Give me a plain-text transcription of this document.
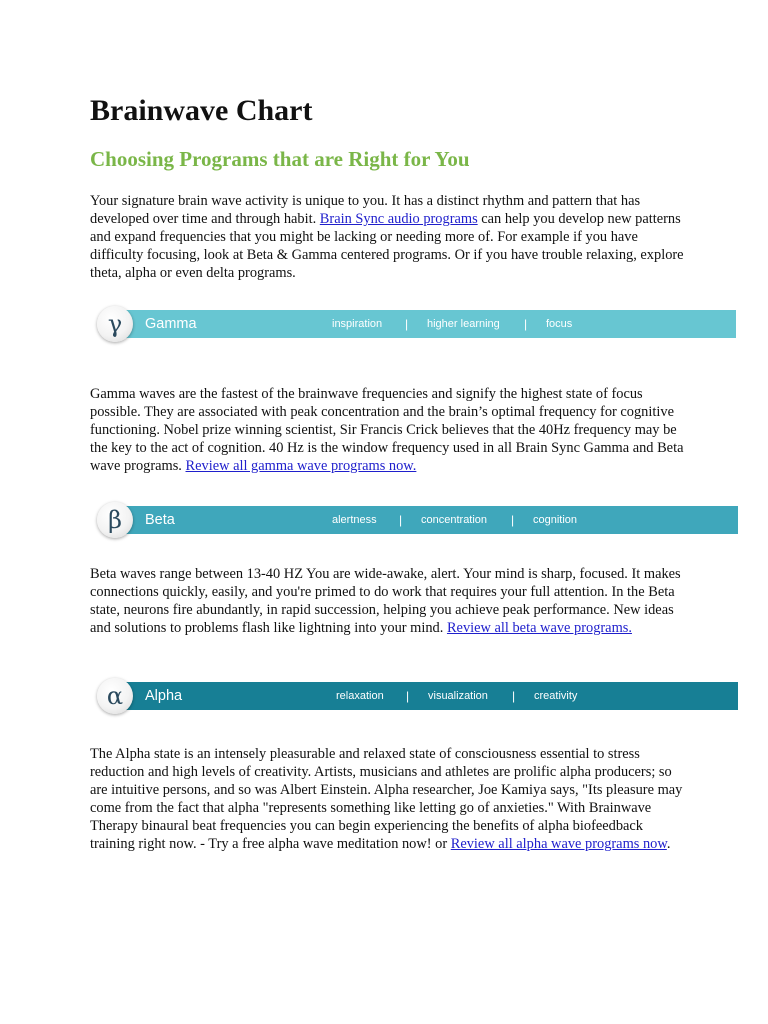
Brainwave Chart
Choosing Programs that are Right for You

Your signature brain wave activity is unique to you. It has a distinct rhythm and pattern that has developed over time and through habit. Brain Sync audio programs can help you develop new patterns and expand frequencies that you might be lacking or needing more of. For example if you have difficulty focusing, look at Beta & Gamma centered programs. Or if you have trouble relaxing, explore theta, alpha or even delta programs.

γ	Gamma	inspiration | higher learning | focus

Gamma waves are the fastest of the brainwave frequencies and signify the highest state of focus possible. They are associated with peak concentration and the brain’s optimal frequency for cognitive functioning. Nobel prize winning scientist, Sir Francis Crick believes that the 40Hz frequency may be the key to the act of cognition. 40 Hz is the window frequency used in all Brain Sync Gamma and Beta wave programs. Review all gamma wave programs now.

β	Beta	alertness | concentration | cognition

Beta waves range between 13-40 HZ You are wide-awake, alert. Your mind is sharp, focused. It makes connections quickly, easily, and you're primed to do work that requires your full attention. In the Beta state, neurons fire abundantly, in rapid succession, helping you achieve peak performance. New ideas and solutions to problems flash like lightning into your mind. Review all beta wave programs.

α	Alpha	relaxation | visualization | creativity

The Alpha state is an intensely pleasurable and relaxed state of consciousness essential to stress reduction and high levels of creativity. Artists, musicians and athletes are prolific alpha producers; so are intuitive persons, and so was Albert Einstein. Alpha researcher, Joe Kamiya says, "Its pleasure may come from the fact that alpha "represents something like letting go of anxieties." With Brainwave Therapy binaural beat frequencies you can begin experiencing the benefits of alpha biofeedback training right now. - Try a free alpha wave meditation now! or Review all alpha wave programs now.
